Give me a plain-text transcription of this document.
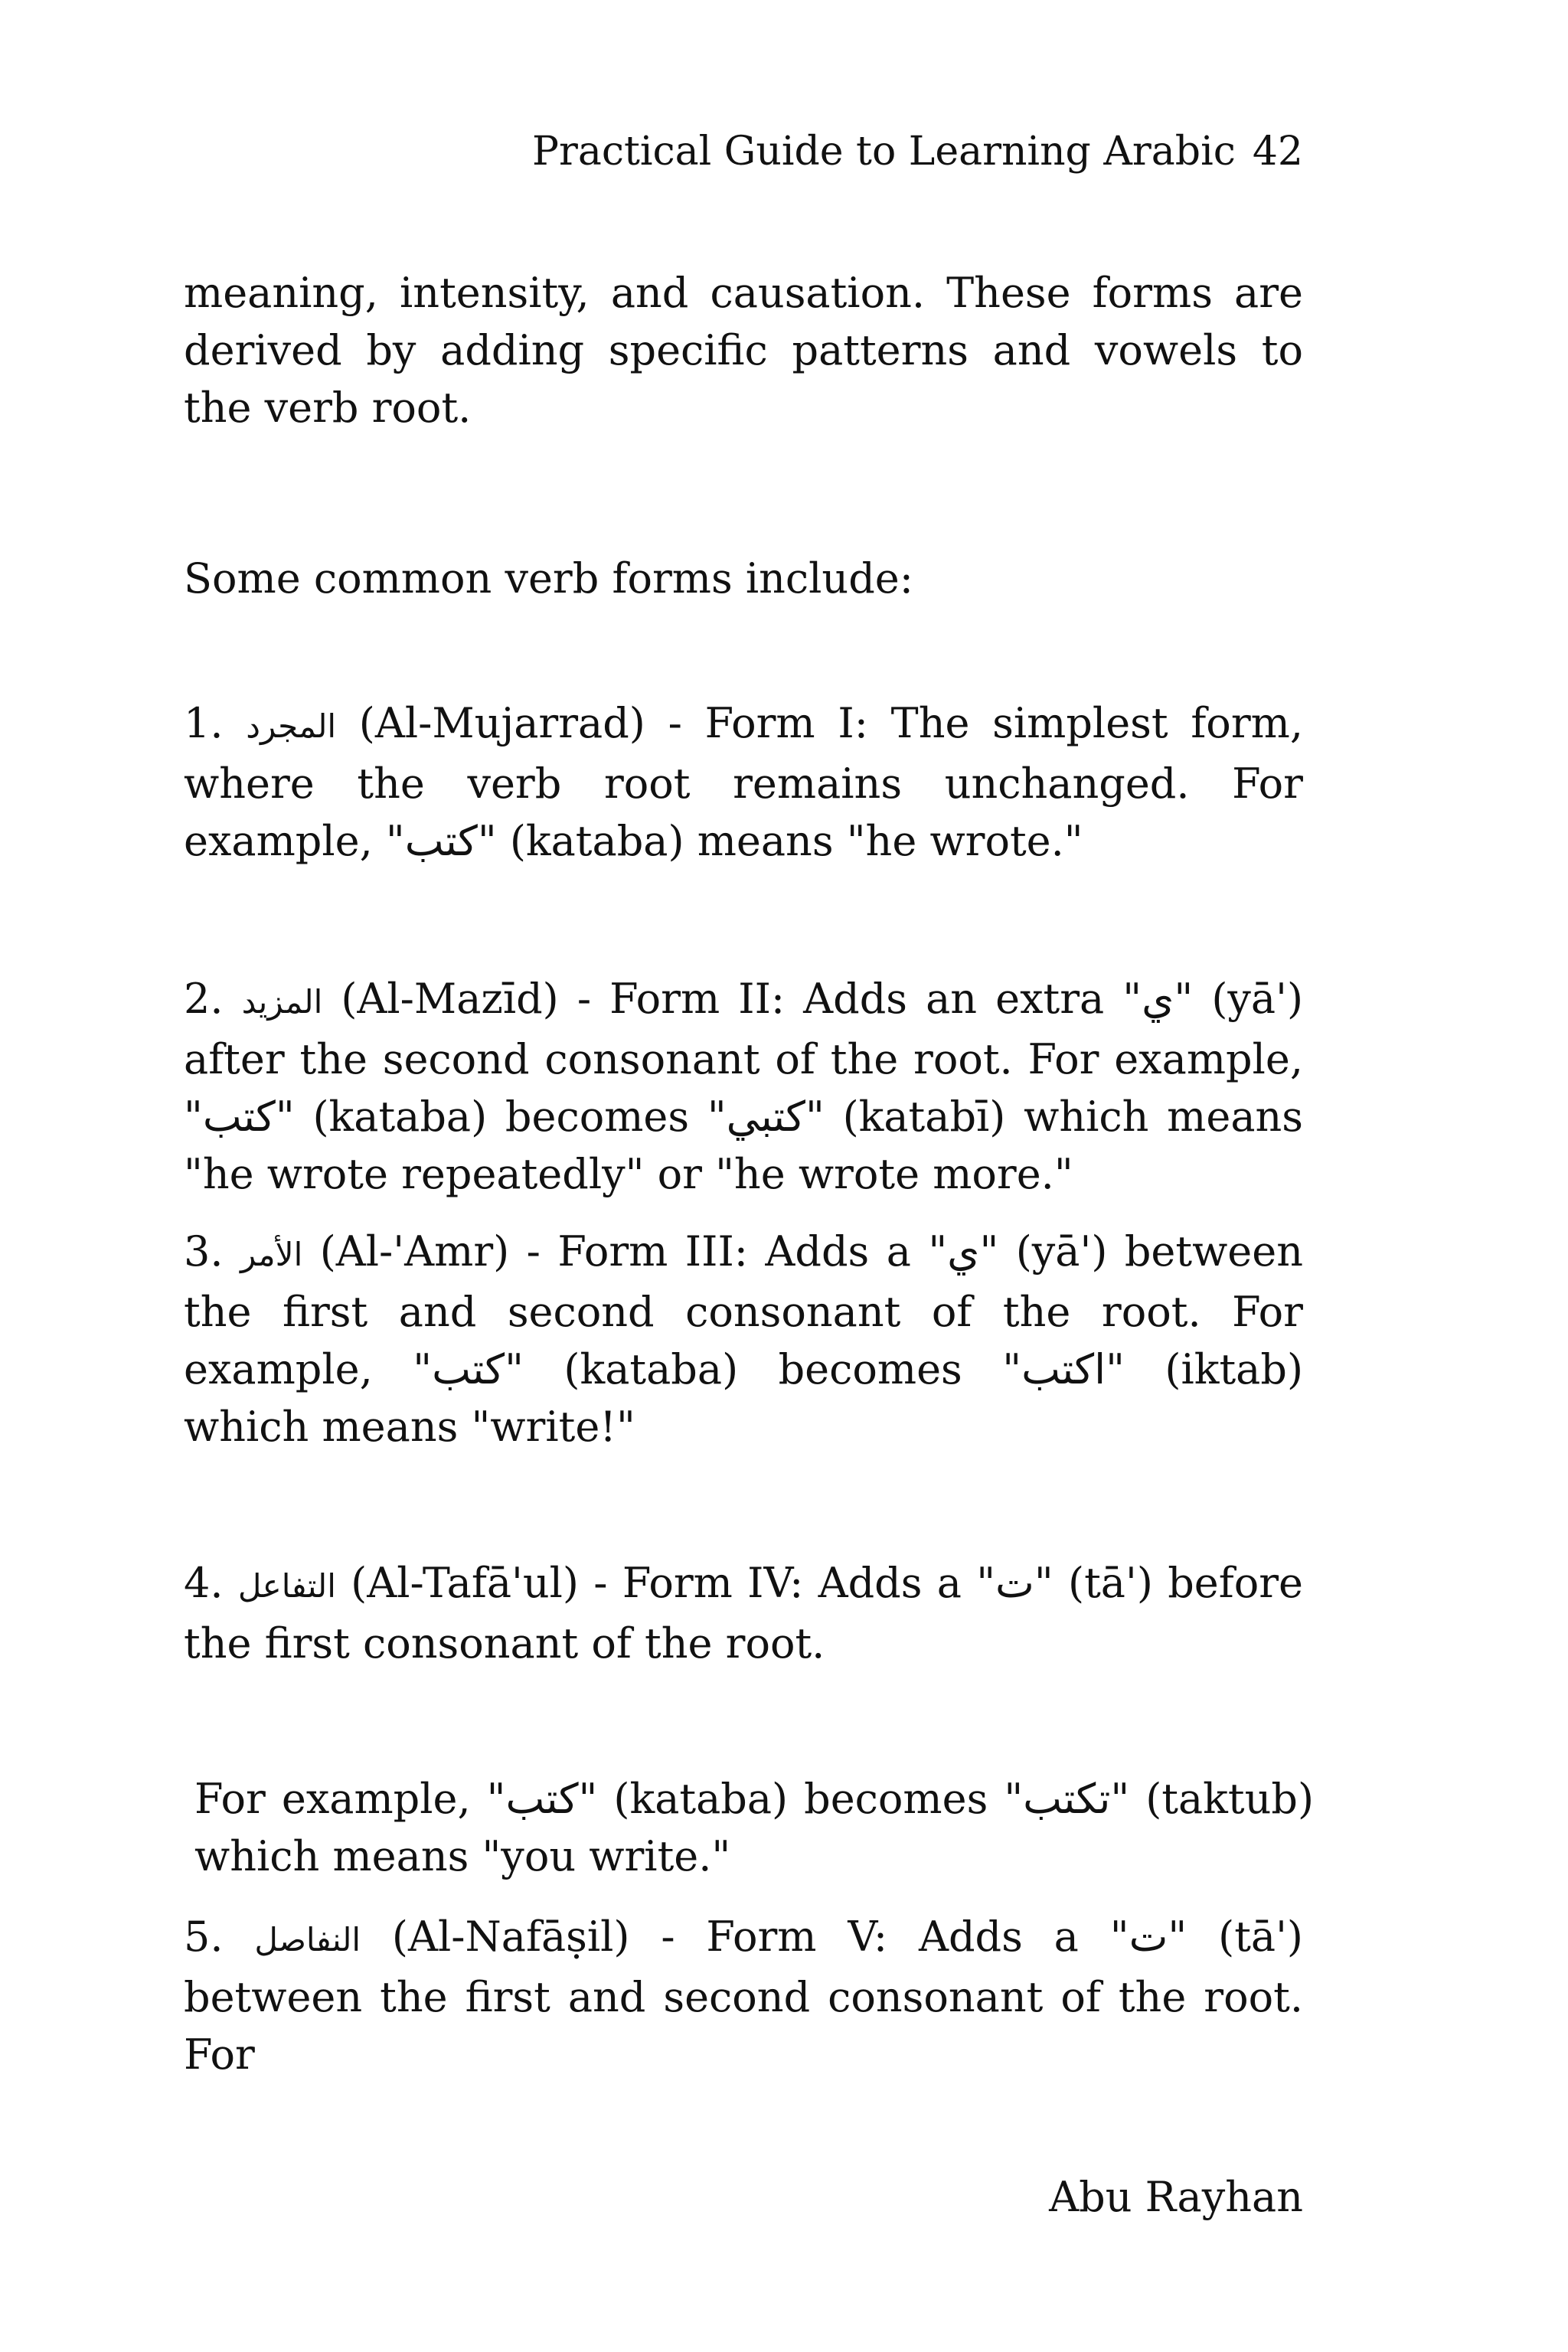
Practical Guide to Learning Arabic 42

meaning, intensity, and causation. These forms are derived by adding specific patterns and vowels to the verb root.

Some common verb forms include:

1. المجرد (Al-Mujarrad) - Form I: The simplest form, where the verb root remains unchanged. For example, "كتب" (kataba) means "he wrote."

2. المزيد (Al-Mazīd) - Form II: Adds an extra "ي" (yā') after the second consonant of the root. For example, "كتب" (kataba) becomes "كتبي" (katabī) which means "he wrote repeatedly" or "he wrote more."

3. الأمر (Al-'Amr) - Form III: Adds a "ي" (yā') between the first and second consonant of the root. For example, "كتب" (kataba) becomes "اكتب" (iktab) which means "write!"

4. التفاعل (Al-Tafā'ul) - Form IV: Adds a "ت" (tā') before the first consonant of the root.

For example, "كتب" (kataba) becomes "تكتب" (taktub) which means "you write."

5. النفاصل (Al-Nafāṣil) - Form V: Adds a "ت" (tā') between the first and second consonant of the root. For

Abu Rayhan
